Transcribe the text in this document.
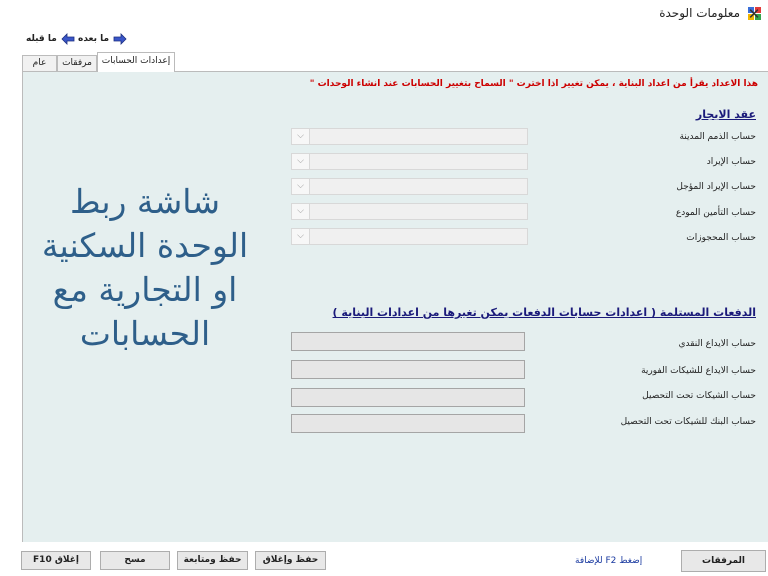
معلومات الوحدة ✕
ما بعده
ما قبله
إعدادات الحسابات
مرفقات
عام
هذا الاعداد يقرأ من اعداد البناية ، يمكن تغيير اذا اخترت " السماح بتغيير الحسابات عند انشاء الوحدات "
عقد الايجار
حساب الذمم المدينة
⌵
حساب الإيراد
⌵
حساب الإيراد المؤجل
⌵
حساب التأمين المودع
⌵
حساب المحجوزات
⌵
الدفعات المستلمة ( اعدادات حسابات الدفعات يمكن تغيرها من اعدادات البناية )
حساب الايداع النقدي
حساب الايداع للشيكات الفورية
حساب الشيكات تحت التحصيل
حساب البنك للشيكات تحت التحصيل
شاشة ربط
الوحدة السكنية
او التجارية مع
الحسابات
إغلاق F10	مسح	حفظ ومتابعة	حفظ وإغلاق	إضغط F2 للإضافة	المرفقات
